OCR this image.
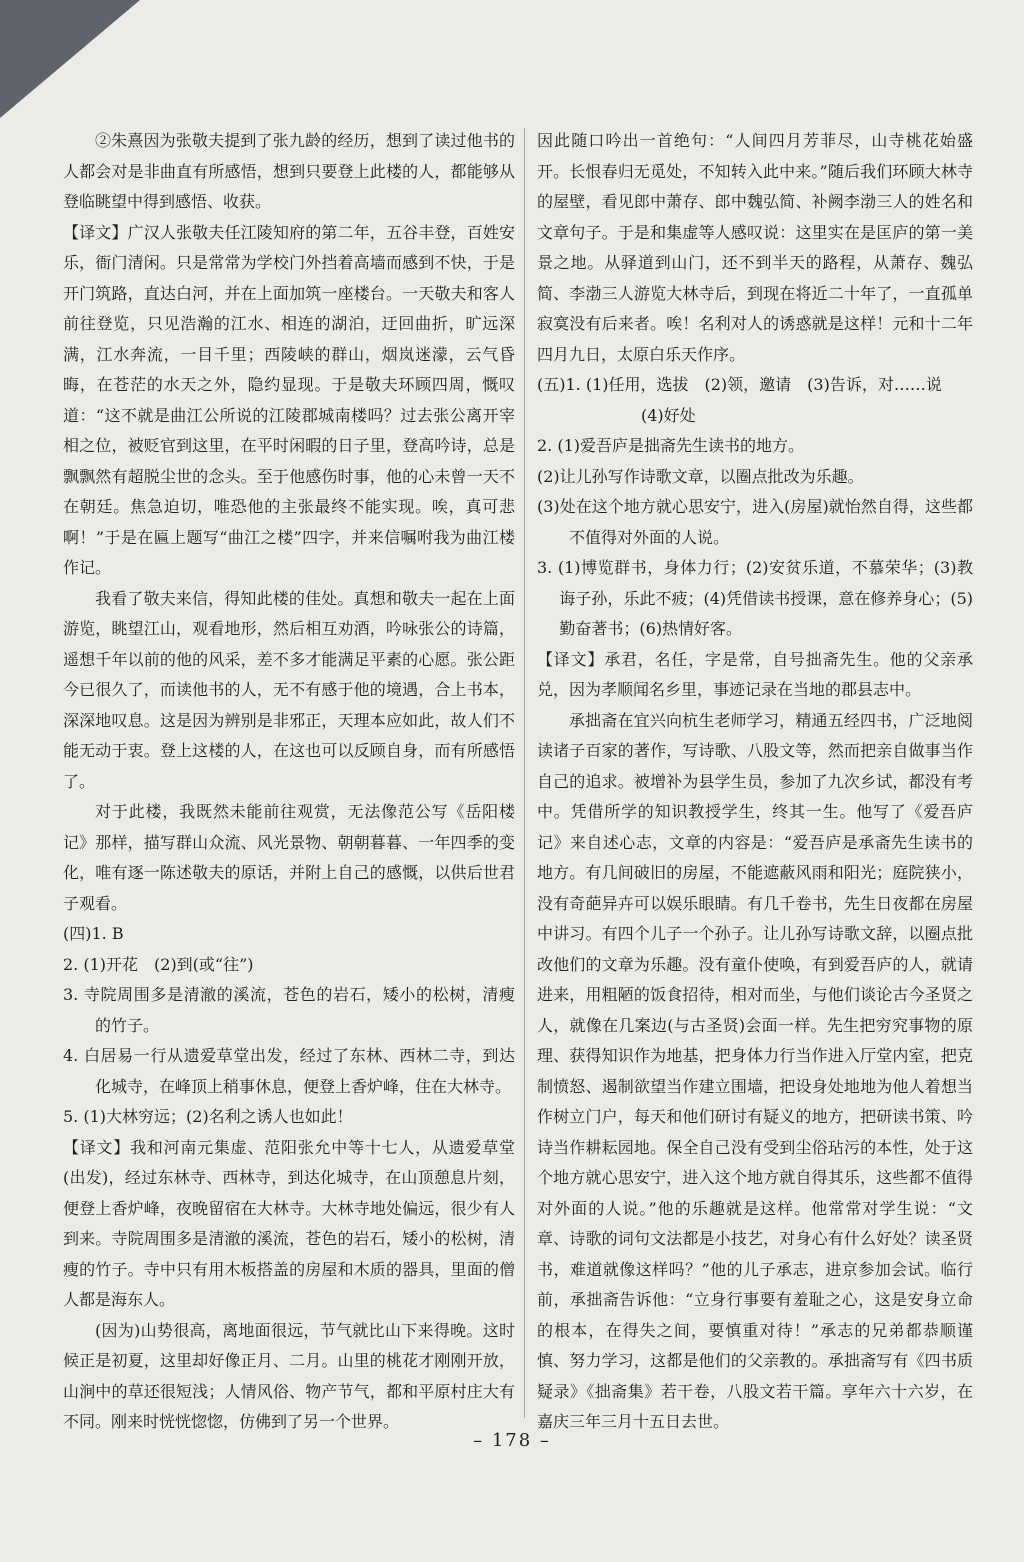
②朱熹因为张敬夫提到了张九龄的经历，想到了读过他书的人都会对是非曲直有所感悟，想到只要登上此楼的人，都能够从登临眺望中得到感悟、收获。

【译文】广汉人张敬夫任江陵知府的第二年，五谷丰登，百姓安乐，衙门清闲。只是常常为学校门外挡着高墙而感到不快，于是开门筑路，直达白河，并在上面加筑一座楼台。一天敬夫和客人前往登览，只见浩瀚的江水、相连的湖泊，迂回曲折，旷远深满，江水奔流，一目千里；西陵峡的群山，烟岚迷濛，云气昏晦，在苍茫的水天之外，隐约显现。于是敬夫环顾四周，慨叹道：“这不就是曲江公所说的江陵郡城南楼吗？过去张公离开宰相之位，被贬官到这里，在平时闲暇的日子里，登高吟诗，总是飘飘然有超脱尘世的念头。至于他感伤时事，他的心未曾一天不在朝廷。焦急迫切，唯恐他的主张最终不能实现。唉，真可悲啊！”于是在匾上题写“曲江之楼”四字，并来信嘱咐我为曲江楼作记。

我看了敬夫来信，得知此楼的佳处。真想和敬夫一起在上面游览，眺望江山，观看地形，然后相互劝酒，吟咏张公的诗篇，遥想千年以前的他的风采，差不多才能满足平素的心愿。张公距今已很久了，而读他书的人，无不有感于他的境遇，合上书本，深深地叹息。这是因为辨别是非邪正，天理本应如此，故人们不能无动于衷。登上这楼的人，在这也可以反顾自身，而有所感悟了。

对于此楼，我既然未能前往观赏，无法像范公写《岳阳楼记》那样，描写群山众流、风光景物、朝朝暮暮、一年四季的变化，唯有逐一陈述敬夫的原话，并附上自己的感慨，以供后世君子观看。

(四)1. B

2. (1)开花　(2)到(或“往”)

3. 寺院周围多是清澈的溪流，苍色的岩石，矮小的松树，清瘦的竹子。

4. 白居易一行从遗爱草堂出发，经过了东林、西林二寺，到达化城寺，在峰顶上稍事休息，便登上香炉峰，住在大林寺。

5. (1)大林穷远；(2)名利之诱人也如此！

【译文】我和河南元集虚、范阳张允中等十七人，从遗爱草堂(出发)，经过东林寺、西林寺，到达化城寺，在山顶憩息片刻，便登上香炉峰，夜晚留宿在大林寺。大林寺地处偏远，很少有人到来。寺院周围多是清澈的溪流，苍色的岩石，矮小的松树，清瘦的竹子。寺中只有用木板搭盖的房屋和木质的器具，里面的僧人都是海东人。

(因为)山势很高，离地面很远，节气就比山下来得晚。这时候正是初夏，这里却好像正月、二月。山里的桃花才刚刚开放，山涧中的草还很短浅；人情风俗、物产节气，都和平原村庄大有不同。刚来时恍恍惚惚，仿佛到了另一个世界。

因此随口吟出一首绝句：“人间四月芳菲尽，山寺桃花始盛开。长恨春归无觅处，不知转入此中来。”随后我们环顾大林寺的屋壁，看见郎中萧存、郎中魏弘简、补阙李渤三人的姓名和文章句子。于是和集虚等人感叹说：这里实在是匡庐的第一美景之地。从驿道到山门，还不到半天的路程，从萧存、魏弘简、李渤三人游览大林寺后，到现在将近二十年了，一直孤单寂寞没有后来者。唉！名利对人的诱惑就是这样！元和十二年四月九日，太原白乐天作序。

(五)1. (1)任用，选拔　(2)领，邀请　(3)告诉，对……说

(4)好处

2. (1)爱吾庐是拙斋先生读书的地方。

(2)让儿孙写作诗歌文章，以圈点批改为乐趣。

(3)处在这个地方就心思安宁，进入(房屋)就怡然自得，这些都不值得对外面的人说。

3. (1)博览群书，身体力行；(2)安贫乐道，不慕荣华；(3)教诲子孙，乐此不疲；(4)凭借读书授课，意在修养身心；(5)勤奋著书；(6)热情好客。

【译文】承君，名任，字是常，自号拙斋先生。他的父亲承兑，因为孝顺闻名乡里，事迹记录在当地的郡县志中。

承拙斋在宜兴向杭生老师学习，精通五经四书，广泛地阅读诸子百家的著作，写诗歌、八股文等，然而把亲自做事当作自己的追求。被增补为县学生员，参加了九次乡试，都没有考中。凭借所学的知识教授学生，终其一生。他写了《爱吾庐记》来自述心志，文章的内容是：“爱吾庐是承斋先生读书的地方。有几间破旧的房屋，不能遮蔽风雨和阳光；庭院狭小，没有奇葩异卉可以娱乐眼睛。有几千卷书，先生日夜都在房屋中讲习。有四个儿子一个孙子。让儿孙写诗歌文辞，以圈点批改他们的文章为乐趣。没有童仆使唤，有到爱吾庐的人，就请进来，用粗陋的饭食招待，相对而坐，与他们谈论古今圣贤之人，就像在几案边(与古圣贤)会面一样。先生把穷究事物的原理、获得知识作为地基，把身体力行当作进入厅堂内室，把克制愤怒、遏制欲望当作建立围墙，把设身处地地为他人着想当作树立门户，每天和他们研讨有疑义的地方，把研读书策、吟诗当作耕耘园地。保全自己没有受到尘俗玷污的本性，处于这个地方就心思安宁，进入这个地方就自得其乐，这些都不值得对外面的人说。”他的乐趣就是这样。他常常对学生说：“文章、诗歌的词句文法都是小技艺，对身心有什么好处？读圣贤书，难道就像这样吗？”他的儿子承志，进京参加会试。临行前，承拙斋告诉他：“立身行事要有羞耻之心，这是安身立命的根本，在得失之间，要慎重对待！”承志的兄弟都恭顺谨慎、努力学习，这都是他们的父亲教的。承拙斋写有《四书质疑录》《拙斋集》若干卷，八股文若干篇。享年六十六岁，在嘉庆三年三月十五日去世。

– 178 –
